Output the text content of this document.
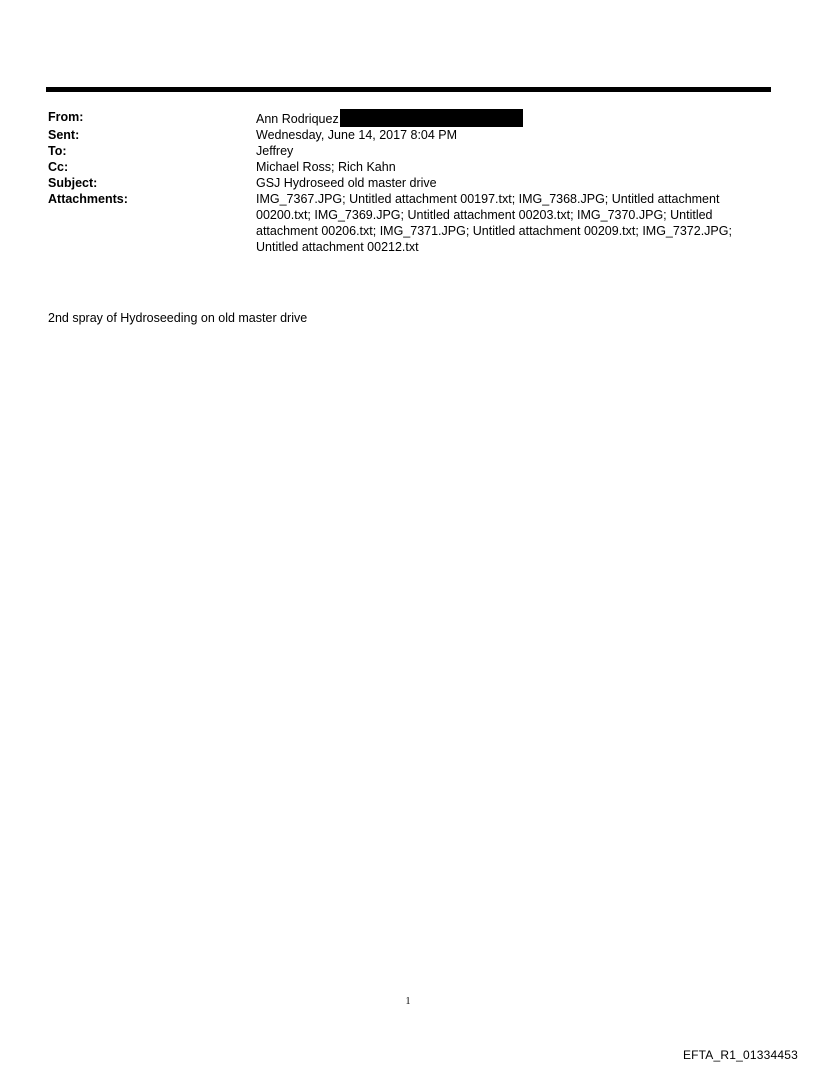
From:	Ann Rodriquez
Sent:	Wednesday, June 14, 2017 8:04 PM
To:	Jeffrey
Cc:	Michael Ross; Rich Kahn
Subject:	GSJ Hydroseed old master drive
Attachments:	IMG_7367.JPG; Untitled attachment 00197.txt; IMG_7368.JPG; Untitled attachment 00200.txt; IMG_7369.JPG; Untitled attachment 00203.txt; IMG_7370.JPG; Untitled attachment 00206.txt; IMG_7371.JPG; Untitled attachment 00209.txt; IMG_7372.JPG; Untitled attachment 00212.txt
2nd spray of Hydroseeding on old master drive
1
EFTA_R1_01334453
